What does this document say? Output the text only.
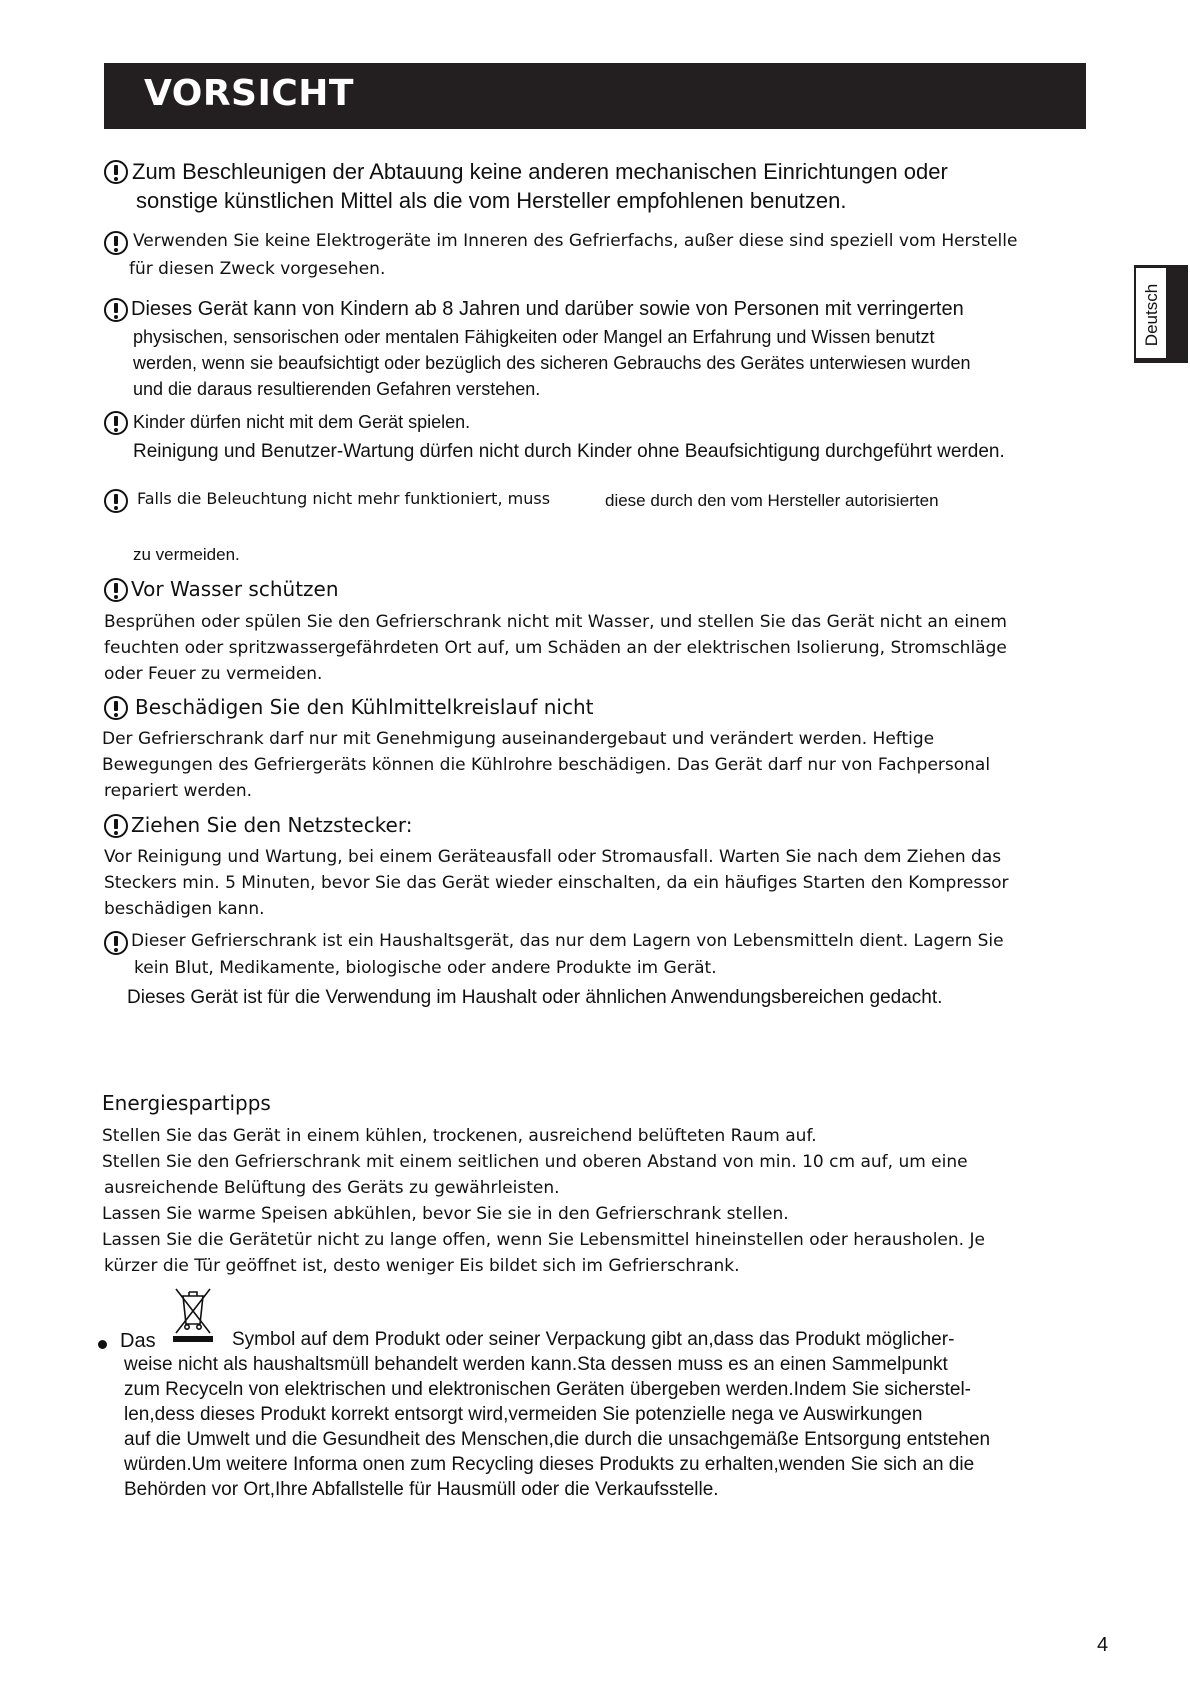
VORSICHT
Deutsch
Zum Beschleunigen der Abtauung keine anderen mechanischen Einrichtungen oder
sonstige künstlichen Mittel als die vom Hersteller empfohlenen benutzen.
Verwenden Sie keine Elektrogeräte im Inneren des Gefrierfachs, außer diese sind speziell vom Herstelle
für diesen Zweck vorgesehen.
Dieses Gerät kann von Kindern ab 8 Jahren und darüber sowie von Personen mit verringerten
physischen, sensorischen oder mentalen Fähigkeiten oder Mangel an Erfahrung und Wissen benutzt
werden, wenn sie beaufsichtigt oder bezüglich des sicheren Gebrauchs des Gerätes unterwiesen wurden
und die daraus resultierenden Gefahren verstehen.
Kinder dürfen nicht mit dem Gerät spielen.
Reinigung und Benutzer-Wartung dürfen nicht durch Kinder ohne Beaufsichtigung durchgeführt werden.
Falls die Beleuchtung nicht mehr funktioniert, muss	diese durch den vom Hersteller autorisierten
zu vermeiden.
Vor Wasser schützen
Besprühen oder spülen Sie den Gefrierschrank nicht mit Wasser, und stellen Sie das Gerät nicht an einem
feuchten oder spritzwassergefährdeten Ort auf, um Schäden an der elektrischen Isolierung, Stromschläge
oder Feuer zu vermeiden.
Beschädigen Sie den Kühlmittelkreislauf nicht
Der Gefrierschrank darf nur mit Genehmigung auseinandergebaut und verändert werden. Heftige
Bewegungen des Gefriergeräts können die Kühlrohre beschädigen. Das Gerät darf nur von Fachpersonal
repariert werden.
Ziehen Sie den Netzstecker:
Vor Reinigung und Wartung, bei einem Geräteausfall oder Stromausfall. Warten Sie nach dem Ziehen das
Steckers min. 5 Minuten, bevor Sie das Gerät wieder einschalten, da ein häufiges Starten den Kompressor
beschädigen kann.
Dieser Gefrierschrank ist ein Haushaltsgerät, das nur dem Lagern von Lebensmitteln dient. Lagern Sie
kein Blut, Medikamente, biologische oder andere Produkte im Gerät.
Dieses Gerät ist für die Verwendung im Haushalt oder ähnlichen Anwendungsbereichen gedacht.
Energiespartipps
Stellen Sie das Gerät in einem kühlen, trockenen, ausreichend belüfteten Raum auf.
Stellen Sie den Gefrierschrank mit einem seitlichen und oberen Abstand von min. 10 cm auf, um eine
ausreichende Belüftung des Geräts zu gewährleisten.
Lassen Sie warme Speisen abkühlen, bevor Sie sie in den Gefrierschrank stellen.
Lassen Sie die Gerätetür nicht zu lange offen, wenn Sie Lebensmittel hineinstellen oder herausholen. Je
kürzer die Tür geöffnet ist, desto weniger Eis bildet sich im Gefrierschrank.
Das	Symbol auf dem Produkt oder seiner Verpackung gibt an,dass das Produkt möglicher-
weise nicht als haushaltsmüll behandelt werden kann.Sta dessen muss es an einen Sammelpunkt
zum Recyceln von elektrischen und elektronischen Geräten übergeben werden.Indem Sie sicherstel-
len,dess dieses Produkt korrekt entsorgt wird,vermeiden Sie potenzielle nega ve Auswirkungen
auf die Umwelt und die Gesundheit des Menschen,die durch die unsachgemäße Entsorgung entstehen
würden.Um weitere Informa onen zum Recycling dieses Produkts zu erhalten,wenden Sie sich an die
Behörden vor Ort,Ihre Abfallstelle für Hausmüll oder die Verkaufsstelle.
4
